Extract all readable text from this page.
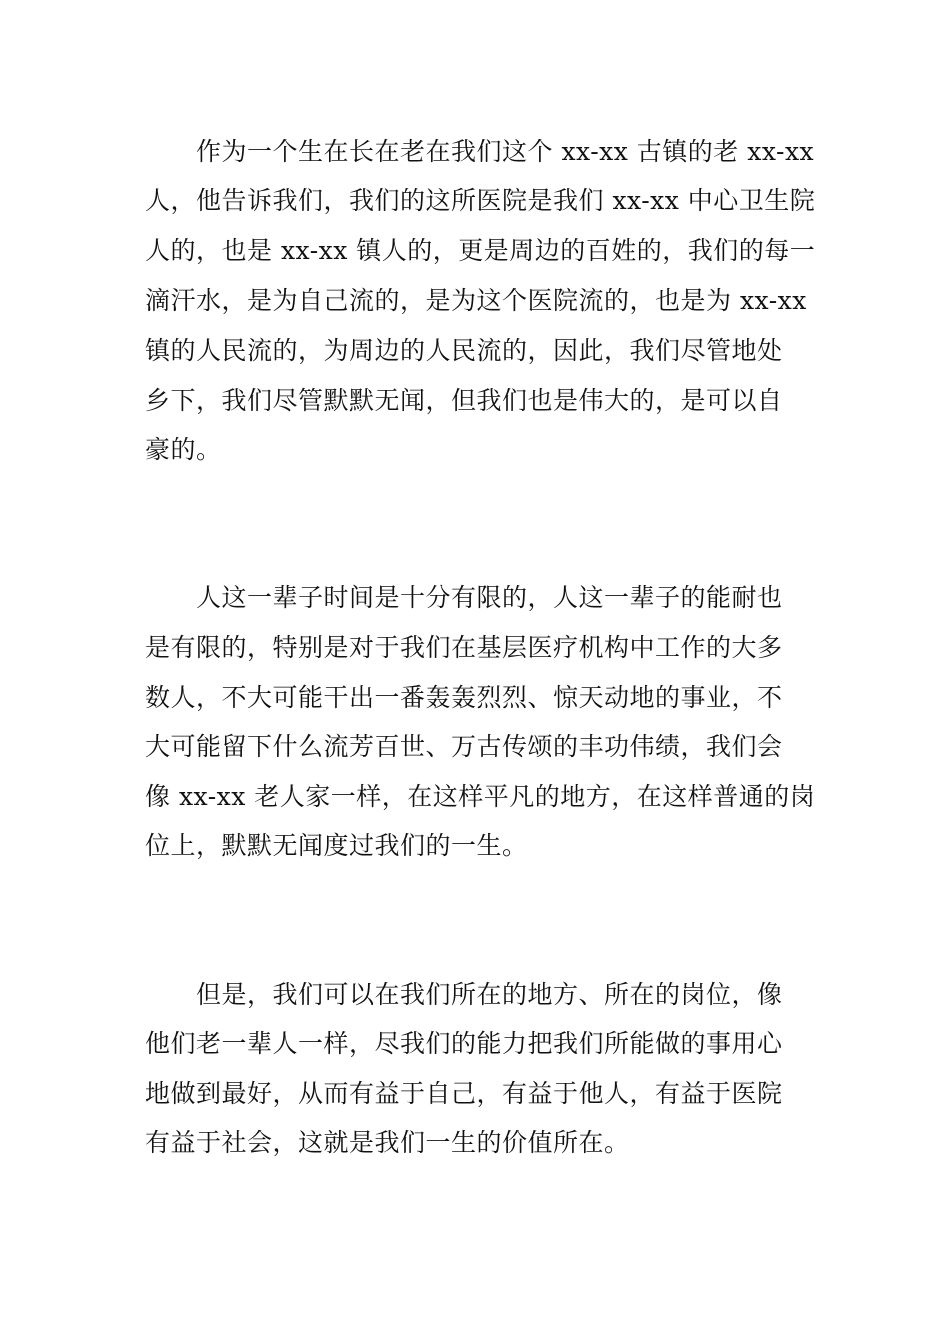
作为一个生在长在老在我们这个 xx-xx 古镇的老 xx-xx
人，他告诉我们，我们的这所医院是我们 xx-xx 中心卫生院
人的，也是 xx-xx 镇人的，更是周边的百姓的，我们的每一
滴汗水，是为自己流的，是为这个医院流的，也是为 xx-xx
镇的人民流的，为周边的人民流的，因此，我们尽管地处
乡下，我们尽管默默无闻，但我们也是伟大的，是可以自
豪的。
人这一辈子时间是十分有限的，人这一辈子的能耐也
是有限的，特别是对于我们在基层医疗机构中工作的大多
数人，不大可能干出一番轰轰烈烈、惊天动地的事业，不
大可能留下什么流芳百世、万古传颂的丰功伟绩，我们会
像 xx-xx 老人家一样，在这样平凡的地方，在这样普通的岗
位上，默默无闻度过我们的一生。
但是，我们可以在我们所在的地方、所在的岗位，像
他们老一辈人一样，尽我们的能力把我们所能做的事用心
地做到最好，从而有益于自己，有益于他人，有益于医院
有益于社会，这就是我们一生的价值所在。
